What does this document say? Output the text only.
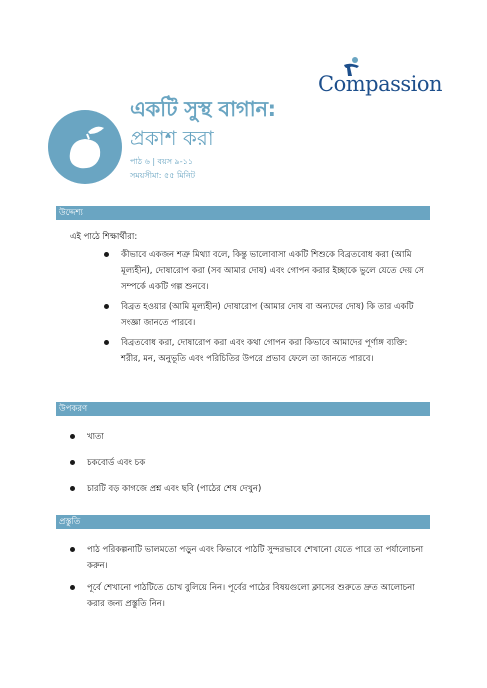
Compassion
একটি সুস্থ বাগান:
প্রকাশ করা
পাঠ ৬ | বয়স ৯-১১
সময়সীমা: ৫৫ মিনিট
উদ্দেশ্য
এই পাঠে শিক্ষার্থীরা:
কীভাবে একজন শত্রু মিথ্যা বলে, কিন্তু ভালোবাসা একটি শিশুকে বিব্রতবোধ করা (আমি মূল্যহীন), দোষারোপ করা (সব আমার দোষ) এবং গোপন করার ইচ্ছাকে ভুলে যেতে দেয় সে সম্পর্কে একটি গল্প শুনবে।
বিব্রত হওয়ার (আমি মূল্যহীন) দোষারোপ (আমার দোষ বা অন্যদের দোষ) কি তার একটি সংজ্ঞা জানতে পারবে।
বিব্রতবোধ করা, দোষারোপ করা এবং কথা গোপন করা কিভাবে আমাদের পূর্ণাঙ্গ ব্যক্তি: শরীর, মন, অনুভূতি এবং পরিচিতির উপরে প্রভাব ফেলে তা জানতে পারবে।
উপকরণ
খাতা
চকবোর্ড এবং চক
চারটি বড় কাগজে প্রশ্ন এবং ছবি (পাঠের শেষ দেখুন)
প্রস্তুতি
পাঠ পরিকল্পনাটি ভালমতো পড়ুন এবং কিভাবে পাঠটি সুন্দরভাবে শেখানো যেতে পারে তা পর্যালোচনা করুন।
পূর্বে শেখানো পাঠটিতে চোখ বুলিয়ে নিন। পূর্বের পাঠের বিষয়গুলো ক্লাসের শুরুতে দ্রুত আলোচনা করার জন্য প্রস্তুতি নিন।
